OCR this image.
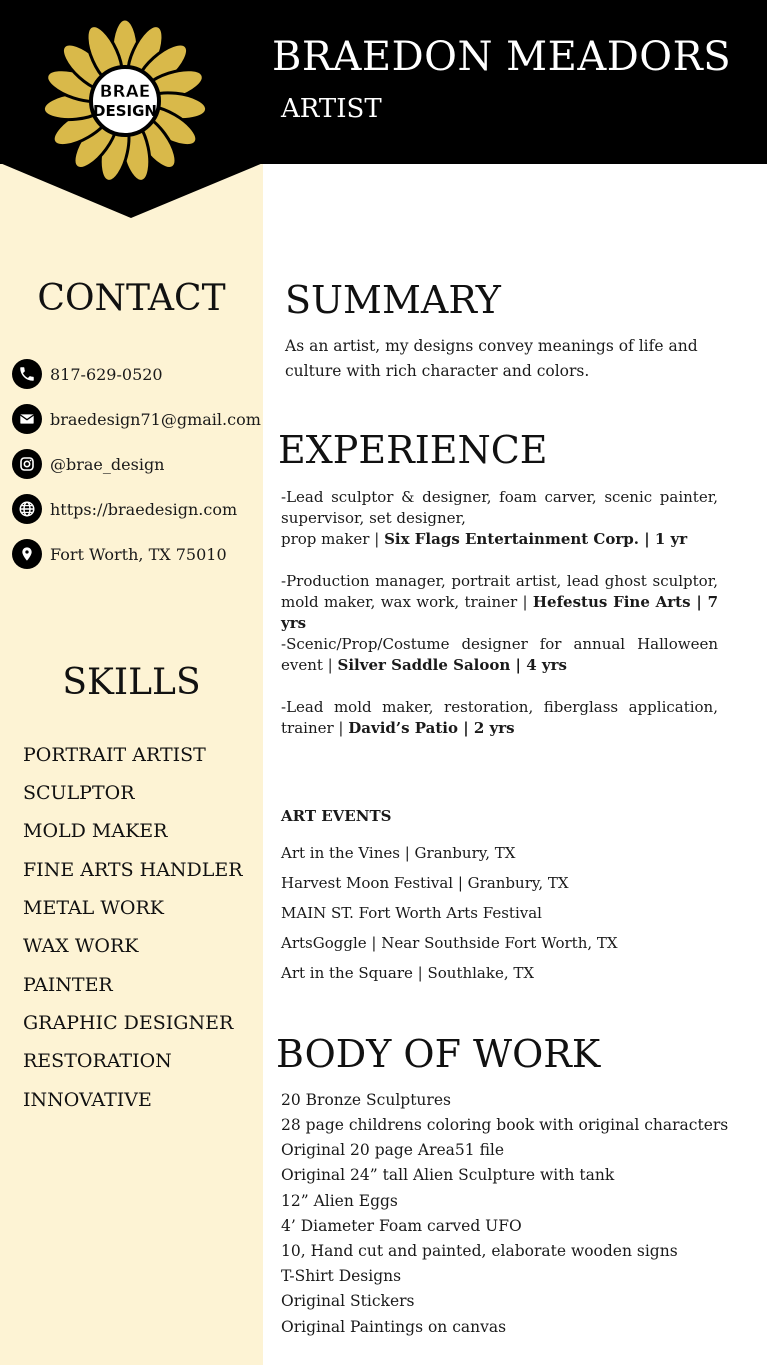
BRAE
DESIGN
BRAEDON MEADORS
ARTIST
CONTACT
817-629-0520
braedesign71@gmail.com
@brae_design
https://braedesign.com
Fort Worth, TX 75010
SKILLS
PORTRAIT ARTIST
SCULPTOR
MOLD MAKER
FINE ARTS HANDLER
METAL WORK
WAX WORK
PAINTER
GRAPHIC DESIGNER
RESTORATION
INNOVATIVE
SUMMARY
As an artist, my designs convey meanings of life and culture with rich character and colors.
EXPERIENCE
-Lead sculptor & designer, foam carver, scenic painter, supervisor, set designer,
prop maker | Six Flags Entertainment Corp. | 1 yr
-Production manager, portrait artist, lead ghost sculptor, mold maker, wax work, trainer | Hefestus Fine Arts | 7 yrs
-Scenic/Prop/Costume designer for annual Halloween event | Silver Saddle Saloon | 4 yrs
-Lead mold maker, restoration, fiberglass application, trainer | David’s Patio | 2 yrs
ART EVENTS
Art in the Vines | Granbury, TX
Harvest Moon Festival | Granbury, TX
MAIN ST. Fort Worth Arts Festival
ArtsGoggle | Near Southside Fort Worth, TX
Art in the Square | Southlake, TX
BODY OF WORK
20 Bronze Sculptures
28 page childrens coloring book with original characters
Original 20 page Area51 file
Original 24” tall Alien Sculpture with tank
12” Alien Eggs
4’ Diameter Foam carved UFO
10, Hand cut and painted, elaborate wooden signs
T-Shirt Designs
Original Stickers
Original Paintings on canvas
